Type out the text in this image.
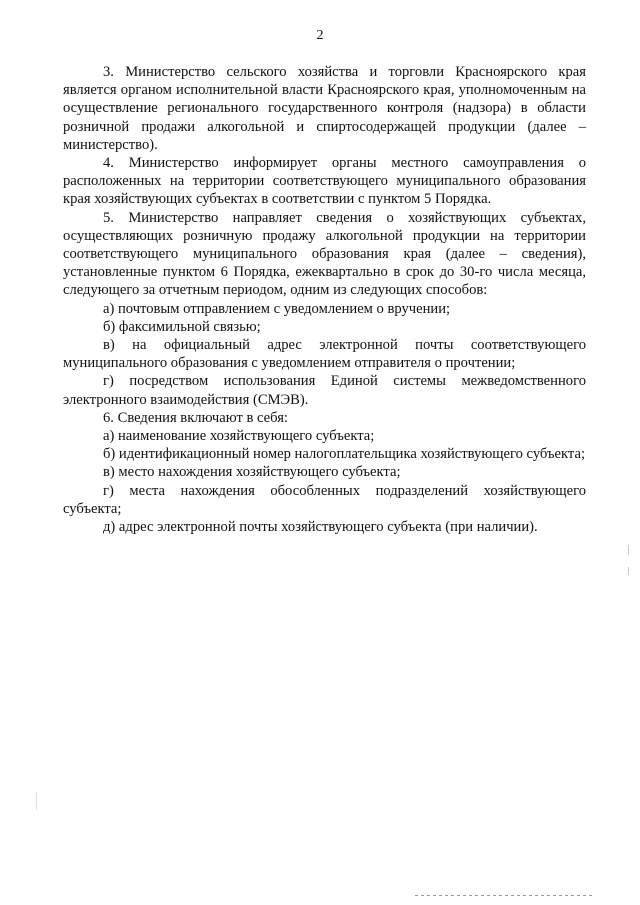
2

3. Министерство сельского хозяйства и торговли Красноярского края является органом исполнительной власти Красноярского края, уполномоченным на осуществление регионального государственного контроля (надзора) в области розничной продажи алкогольной и спиртосодержащей продукции (далее – министерство).

4. Министерство информирует органы местного самоуправления о расположенных на территории соответствующего муниципального образования края хозяйствующих субъектах в соответствии с пунктом 5 Порядка.

5. Министерство направляет сведения о хозяйствующих субъектах, осуществляющих розничную продажу алкогольной продукции на территории соответствующего муниципального образования края (далее – сведения), установленные пунктом 6 Порядка, ежеквартально в срок до 30-го числа месяца, следующего за отчетным периодом, одним из следующих способов:

а) почтовым отправлением с уведомлением о вручении;

б) факсимильной связью;

в) на официальный адрес электронной почты соответствующего муниципального образования с уведомлением отправителя о прочтении;

г) посредством использования Единой системы межведомственного электронного взаимодействия (СМЭВ).

6. Сведения включают в себя:

а) наименование хозяйствующего субъекта;

б) идентификационный номер налогоплательщика хозяйствующего субъекта;

в) место нахождения хозяйствующего субъекта;

г) места нахождения обособленных подразделений хозяйствующего субъекта;

д) адрес электронной почты хозяйствующего субъекта (при наличии).
